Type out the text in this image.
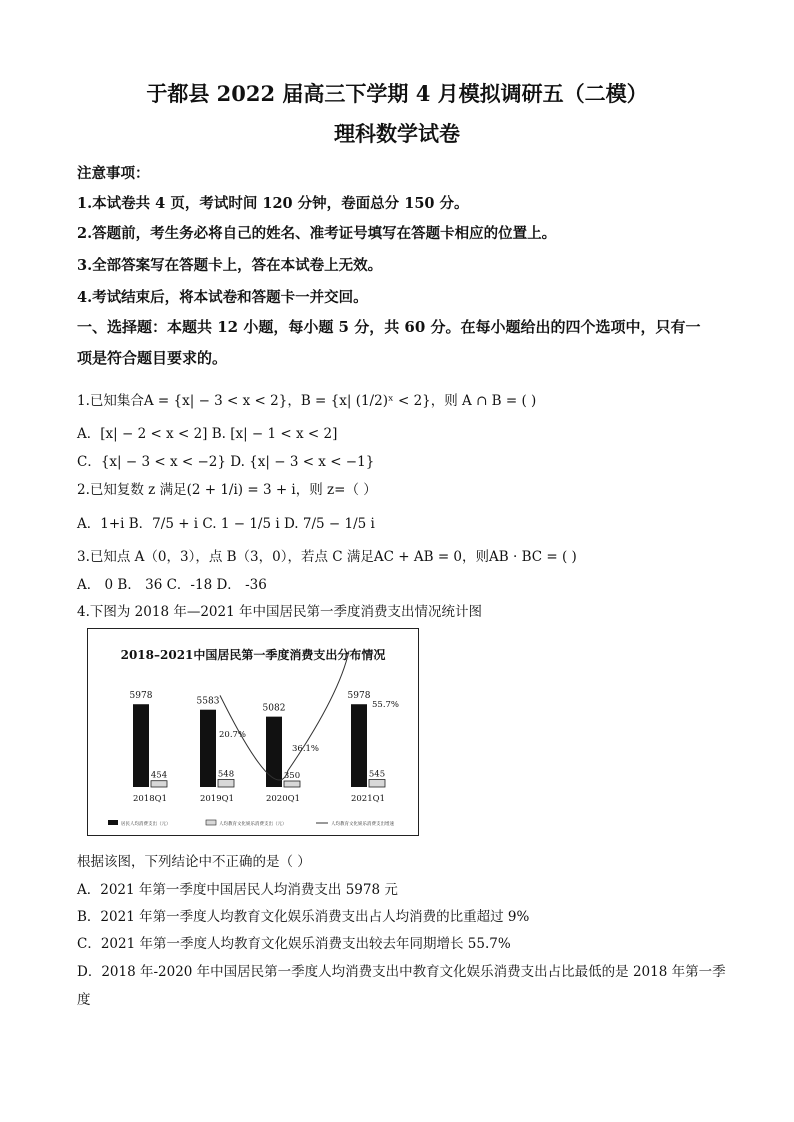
于都县 2022 届高三下学期 4 月模拟调研五（二模）
理科数学试卷
注意事项：
1.本试卷共 4 页，考试时间 120 分钟，卷面总分 150 分。
2.答题前，考生务必将自己的姓名、准考证号填写在答题卡相应的位置上。
3.全部答案写在答题卡上，答在本试卷上无效。
4.考试结束后，将本试卷和答题卡一并交回。
一、选择题：本题共 12 小题，每小题 5 分，共 60 分。在每小题给出的四个选项中，只有一
项是符合题目要求的。
1.已知集合A = {x| − 3 < x < 2}，B = {x| (1/2)ˣ < 2}，则 A ∩ B = ( )
A．[x| − 2 < x < 2] B. [x| − 1 < x < 2]
C．{x| − 3 < x < −2} D. {x| − 3 < x < −1}
2.已知复数 z 满足(2 + 1/i) = 3 + i，则 z=（ ）
A．1+i B．7/5 + i C. 1 − 1/5 i D. 7/5 − 1/5 i
3.已知点 A（0，3），点 B（3，0），若点 C 满足AC + AB = 0，则AB · BC = ( )
A． 0 B． 36 C．-18 D． -36
4.下图为 2018 年—2021 年中国居民第一季度消费支出情况统计图
2018–2021中国居民第一季度消费支出分布情况
5978
454
2018Q1
5583
548
2019Q1
5082
350
2020Q1
5978
545
2021Q1
20.7%
36.1%
55.7%
居民人均消费支出（元）	人均教育文化娱乐消费支出（元）	人均教育文化娱乐消费支出增速
根据该图，下列结论中不正确的是（ ）
A．2021 年第一季度中国居民人均消费支出 5978 元
B．2021 年第一季度人均教育文化娱乐消费支出占人均消费的比重超过 9%
C．2021 年第一季度人均教育文化娱乐消费支出较去年同期增长 55.7%
D．2018 年-2020 年中国居民第一季度人均消费支出中教育文化娱乐消费支出占比最低的是 2018 年第一季
度
